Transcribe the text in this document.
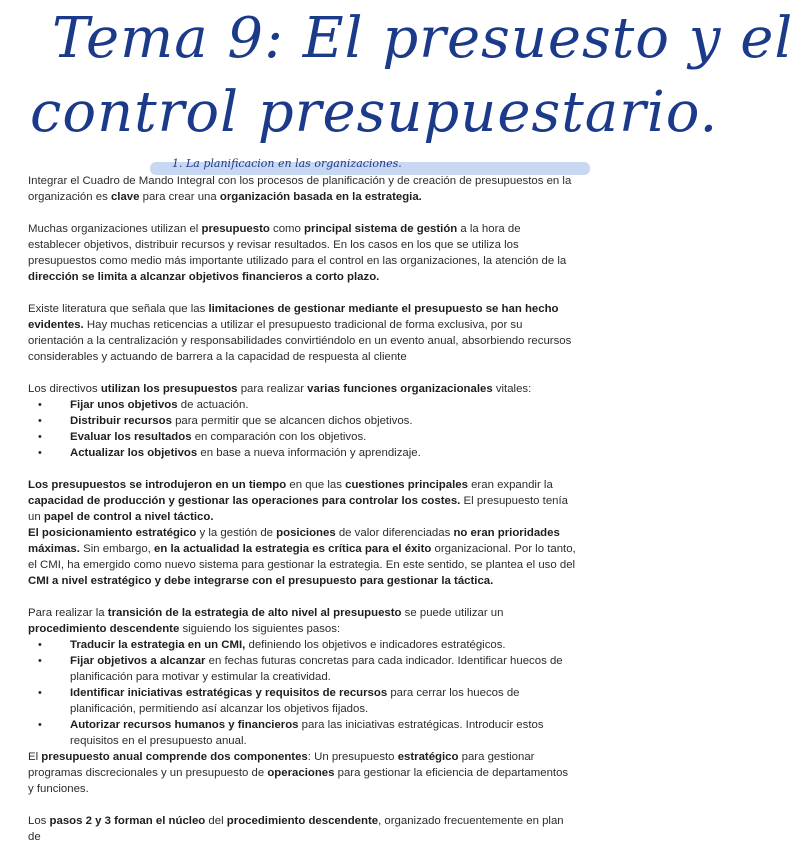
Tema 9: El presuesto y el
control presupuestario.
1. La planificacion en las organizaciones.

Integrar el Cuadro de Mando Integral con los procesos de planificación y de creación de presupuestos en la organización es clave para crear una organización basada en la estrategia.

Muchas organizaciones utilizan el presupuesto como principal sistema de gestión a la hora de establecer objetivos, distribuir recursos y revisar resultados. En los casos en los que se utiliza los presupuestos como medio más importante utilizado para el control en las organizaciones, la atención de la dirección se limita a alcanzar objetivos financieros a corto plazo.

Existe literatura que señala que las limitaciones de gestionar mediante el presupuesto se han hecho evidentes. Hay muchas reticencias a utilizar el presupuesto tradicional de forma exclusiva, por su orientación a la centralización y responsabilidades convirtiéndolo en un evento anual, absorbiendo recursos considerables y actuando de barrera a la capacidad de respuesta al cliente

Los directivos utilizan los presupuestos para realizar varias funciones organizacionales vitales:

• Fijar unos objetivos de actuación.
• Distribuir recursos para permitir que se alcancen dichos objetivos.
• Evaluar los resultados en comparación con los objetivos.
• Actualizar los objetivos en base a nueva información y aprendizaje.

Los presupuestos se introdujeron en un tiempo en que las cuestiones principales eran expandir la capacidad de producción y gestionar las operaciones para controlar los costes. El presupuesto tenía un papel de control a nivel táctico.

El posicionamiento estratégico y la gestión de posiciones de valor diferenciadas no eran prioridades máximas. Sin embargo, en la actualidad la estrategia es crítica para el éxito organizacional. Por lo tanto, el CMI, ha emergido como nuevo sistema para gestionar la estrategia. En este sentido, se plantea el uso del CMI a nivel estratégico y debe integrarse con el presupuesto para gestionar la táctica.

Para realizar la transición de la estrategia de alto nivel al presupuesto se puede utilizar un procedimiento descendente siguiendo los siguientes pasos:

• Traducir la estrategia en un CMI, definiendo los objetivos e indicadores estratégicos.
• Fijar objetivos a alcanzar en fechas futuras concretas para cada indicador. Identificar huecos de planificación para motivar y estimular la creatividad.
• Identificar iniciativas estratégicas y requisitos de recursos para cerrar los huecos de planificación, permitiendo así alcanzar los objetivos fijados.
• Autorizar recursos humanos y financieros para las iniciativas estratégicas. Introducir estos requisitos en el presupuesto anual.

El presupuesto anual comprende dos componentes: Un presupuesto estratégico para gestionar programas discrecionales y un presupuesto de operaciones para gestionar la eficiencia de departamentos y funciones.

Los pasos 2 y 3 forman el núcleo del procedimiento descendente, organizado frecuentemente en plan de
